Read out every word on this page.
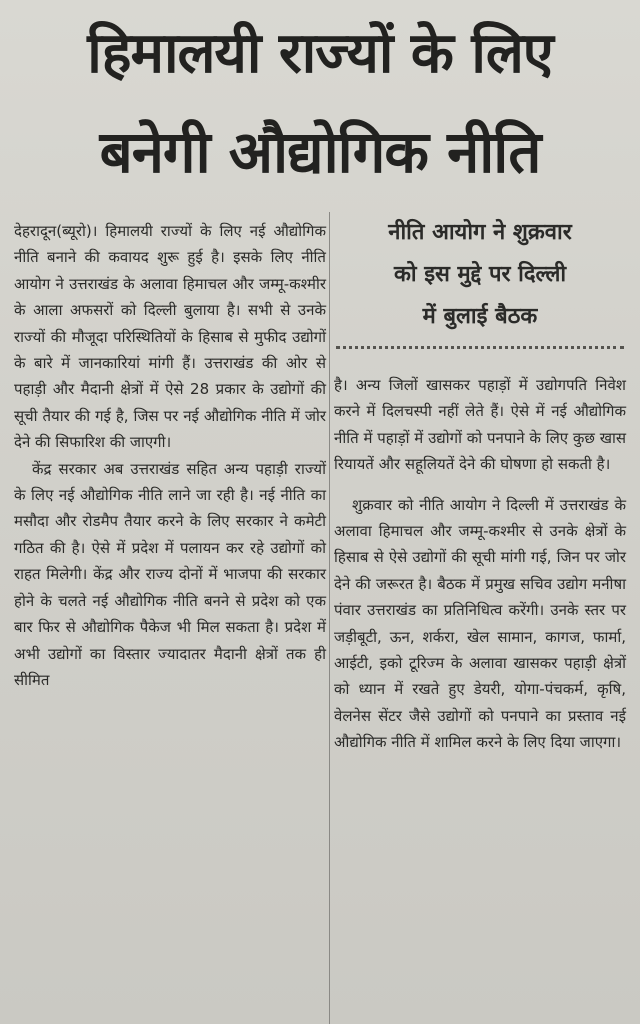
हिमालयी राज्यों के लिए
बनेगी औद्योगिक नीति

देहरादून(ब्यूरो)। हिमालयी राज्यों के लिए नई औद्योगिक नीति बनाने की कवायद शुरू हुई है। इसके लिए नीति आयोग ने उत्तराखंड के अलावा हिमाचल और जम्मू-कश्मीर के आला अफसरों को दिल्ली बुलाया है। सभी से उनके राज्यों की मौजूदा परिस्थितियों के हिसाब से मुफीद उद्योगों के बारे में जानकारियां मांगी हैं। उत्तराखंड की ओर से पहाड़ी और मैदानी क्षेत्रों में ऐसे 28 प्रकार के उद्योगों की सूची तैयार की गई है, जिस पर नई औद्योगिक नीति में जोर देने की सिफारिश की जाएगी।

केंद्र सरकार अब उत्तराखंड सहित अन्य पहाड़ी राज्यों के लिए नई औद्योगिक नीति लाने जा रही है। नई नीति का मसौदा और रोडमैप तैयार करने के लिए सरकार ने कमेटी गठित की है। ऐसे में प्रदेश में पलायन कर रहे उद्योगों को राहत मिलेगी। केंद्र और राज्य दोनों में भाजपा की सरकार होने के चलते नई औद्योगिक नीति बनने से प्रदेश को एक बार फिर से औद्योगिक पैकेज भी मिल सकता है। प्रदेश में अभी उद्योगों का विस्तार ज्यादातर मैदानी क्षेत्रों तक ही सीमित

नीति आयोग ने शुक्रवार
को इस मुद्दे पर दिल्ली
में बुलाई बैठक

है। अन्य जिलों खासकर पहाड़ों में उद्योगपति निवेश करने में दिलचस्पी नहीं लेते हैं। ऐसे में नई औद्योगिक नीति में पहाड़ों में उद्योगों को पनपाने के लिए कुछ खास रियायतें और सहूलियतें देने की घोषणा हो सकती है।

शुक्रवार को नीति आयोग ने दिल्ली में उत्तराखंड के अलावा हिमाचल और जम्मू-कश्मीर से उनके क्षेत्रों के हिसाब से ऐसे उद्योगों की सूची मांगी गई, जिन पर जोर देने की जरूरत है। बैठक में प्रमुख सचिव उद्योग मनीषा पंवार उत्तराखंड का प्रतिनिधित्व करेंगी। उनके स्तर पर जड़ीबूटी, ऊन, शर्करा, खेल सामान, कागज, फार्मा, आईटी, इको टूरिज्म के अलावा खासकर पहाड़ी क्षेत्रों को ध्यान में रखते हुए डेयरी, योगा-पंचकर्म, कृषि, वेलनेस सेंटर जैसे उद्योगों को पनपाने का प्रस्ताव नई औद्योगिक नीति में शामिल करने के लिए दिया जाएगा।
